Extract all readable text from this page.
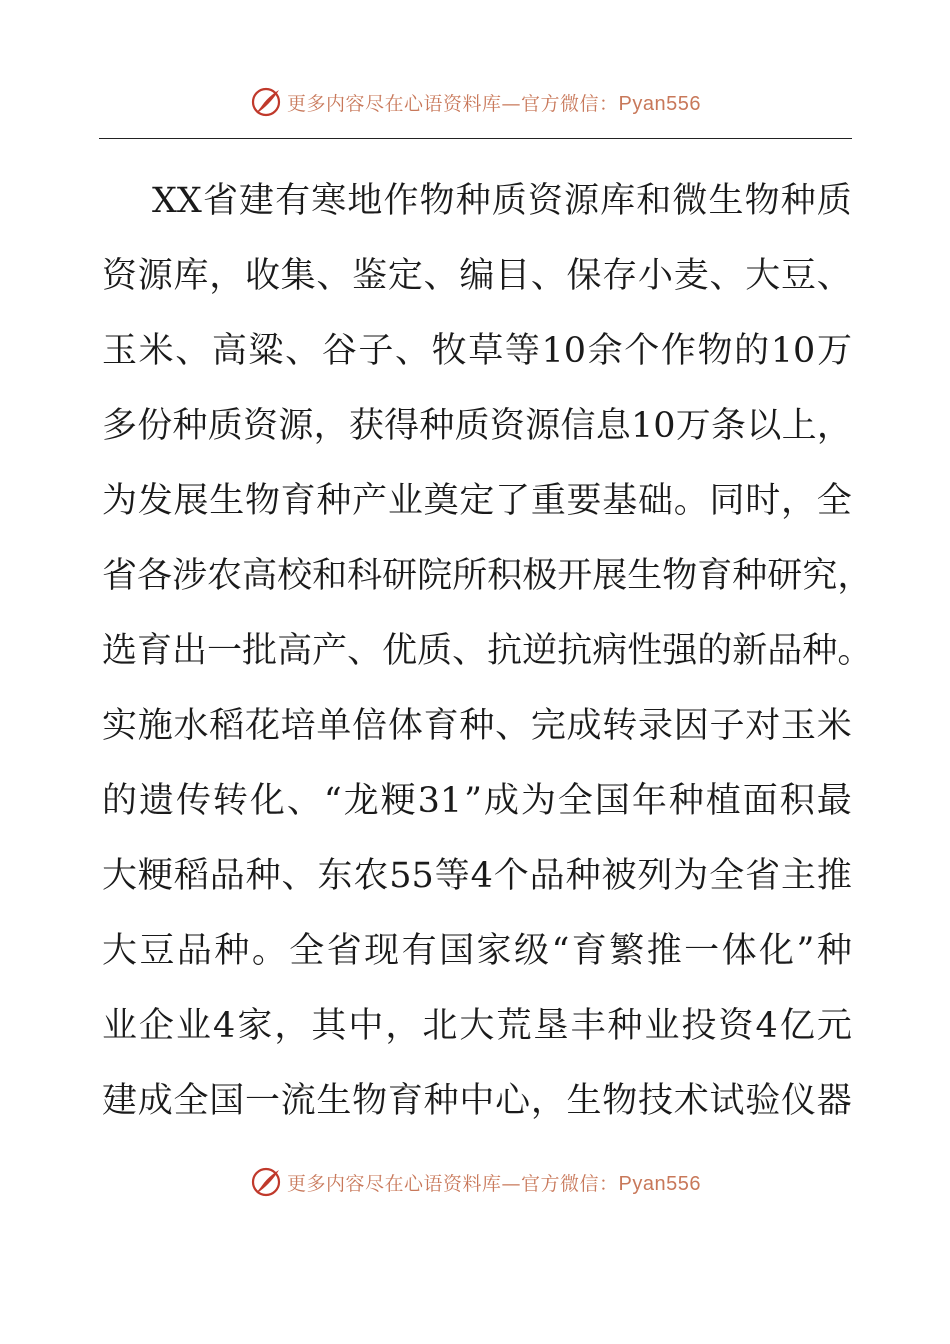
更多内容尽在心语资料库—官方微信：Pyan556
XX 省 建 有 寒 地 作 物 种 质 资 源 库 和 微 生 物 种 质
资 源 库 ， 收 集 、 鉴 定 、 编 目 、 保 存 小 麦 、 大 豆 、
玉 米 、 高 粱 、 谷 子 、 牧 草 等 10 余 个 作 物 的 10 万
多 份 种 质 资 源 ， 获 得 种 质 资 源 信 息 10 万 条 以 上 ，
为 发 展 生 物 育 种 产 业 奠 定 了 重 要 基 础 。 同 时 ， 全
省 各 涉 农 高 校 和 科 研 院 所 积 极 开 展 生 物 育 种 研 究 ，
选 育 出 一 批 高 产 、 优 质 、 抗 逆 抗 病 性 强 的 新 品 种 。
实 施 水 稻 花 培 单 倍 体 育 种 、 完 成 转 录 因 子 对 玉 米
的 遗 传 转 化 、 “ 龙 粳 31 ” 成 为 全 国 年 种 植 面 积 最
大 粳 稻 品 种 、 东 农 55 等 4 个 品 种 被 列 为 全 省 主 推
大 豆 品 种 。 全 省 现 有 国 家 级 “ 育 繁 推 一 体 化 ” 种
业 企 业 4 家 ， 其 中 ， 北 大 荒 垦 丰 种 业 投 资 4 亿 元
建 成 全 国 一 流 生 物 育 种 中 心 ， 生 物 技 术 试 验 仪 器
更多内容尽在心语资料库—官方微信：Pyan556
